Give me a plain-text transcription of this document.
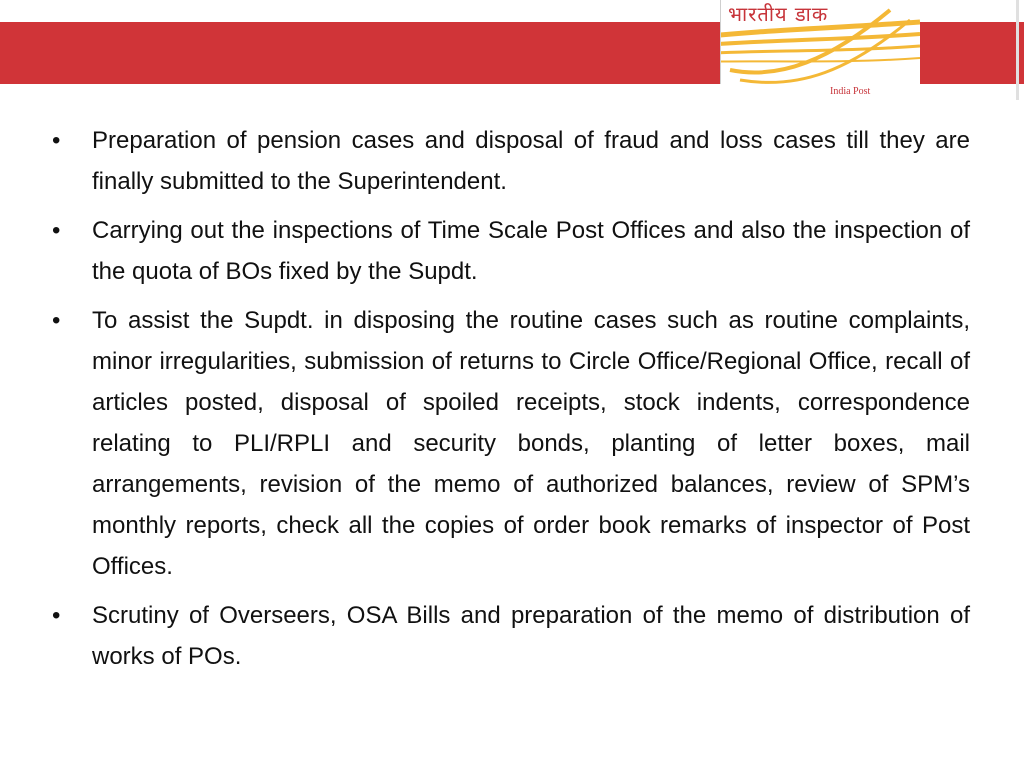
भारतीय डाक
India Post
• Preparation of pension cases and disposal of fraud and loss cases till they are finally submitted to the Superintendent.
• Carrying out the inspections of Time Scale Post Offices and also the inspection of the quota of BOs fixed by the Supdt.
• To assist the Supdt. in disposing the routine cases such as routine complaints, minor irregularities, submission of returns to Circle Office/Regional Office, recall of articles posted, disposal of spoiled receipts, stock indents, correspondence relating to PLI/RPLI and security bonds, planting of letter boxes, mail arrangements, revision of the memo of authorized balances, review of SPM’s monthly reports, check all the copies of order book remarks of inspector of Post Offices.
• Scrutiny of Overseers, OSA Bills and preparation of the memo of distribution of works of POs.
